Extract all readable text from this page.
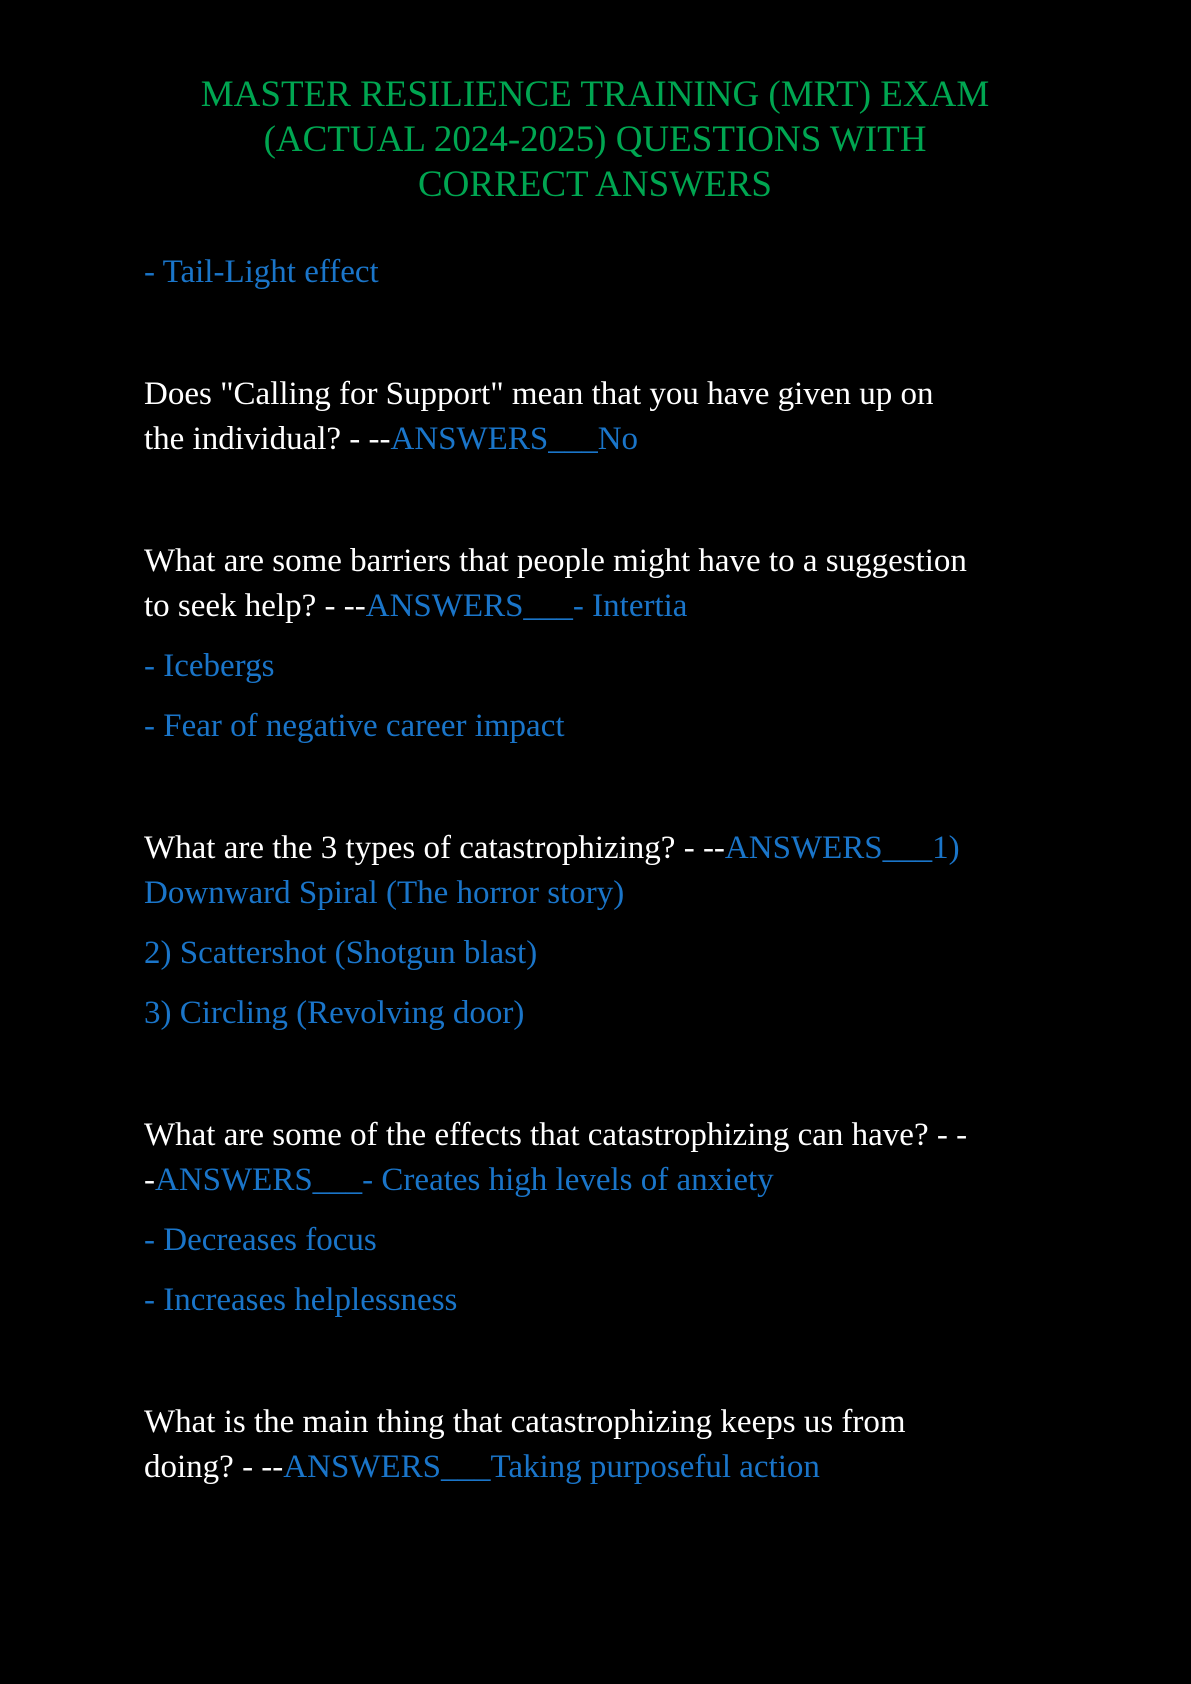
MASTER RESILIENCE TRAINING (MRT) EXAM
(ACTUAL 2024-2025) QUESTIONS WITH
CORRECT ANSWERS

- Tail-Light effect

Does "Calling for Support" mean that you have given up on

the individual? - --ANSWERS___No

What are some barriers that people might have to a suggestion

to seek help? - --ANSWERS___- Intertia

- Icebergs

- Fear of negative career impact

What are the 3 types of catastrophizing? - --ANSWERS___1)

Downward Spiral (The horror story)

2) Scattershot (Shotgun blast)

3) Circling (Revolving door)

What are some of the effects that catastrophizing can have? - -

-ANSWERS___- Creates high levels of anxiety

- Decreases focus

- Increases helplessness

What is the main thing that catastrophizing keeps us from

doing? - --ANSWERS___Taking purposeful action
